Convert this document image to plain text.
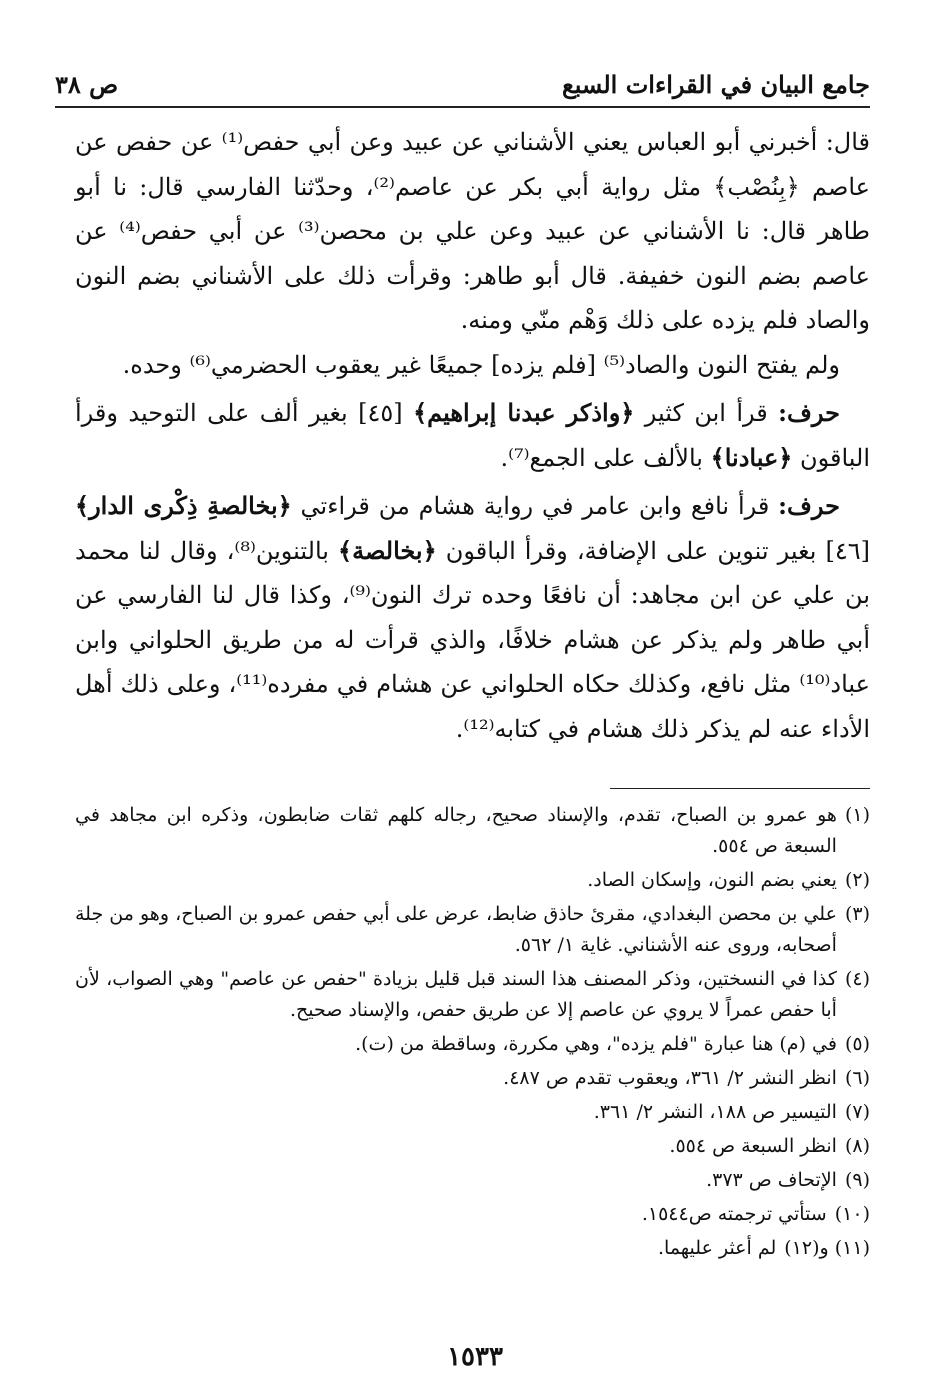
جامع البيان في القراءات السبع
ص ٣٨

قال: أخبرني أبو العباس يعني الأشناني عن عبيد وعن أبي حفص⁽¹⁾ عن حفص عن عاصم ﴿بِنُصْب﴾ مثل رواية أبي بكر عن عاصم⁽²⁾، وحدّثنا الفارسي قال: نا أبو طاهر قال: نا الأشناني عن عبيد وعن علي بن محصن⁽³⁾ عن أبي حفص⁽⁴⁾ عن عاصم بضم النون خفيفة. قال أبو طاهر: وقرأت ذلك على الأشناني بضم النون والصاد فلم يزده على ذلك وَهْم منّي ومنه.

ولم يفتح النون والصاد⁽⁵⁾ [فلم يزده] جميعًا غير يعقوب الحضرمي⁽⁶⁾ وحده.

حرف: قرأ ابن كثير ﴿واذكر عبدنا إبراهيم﴾ [٤٥] بغير ألف على التوحيد وقرأ الباقون ﴿عبادنا﴾ بالألف على الجمع⁽⁷⁾.

حرف: قرأ نافع وابن عامر في رواية هشام من قراءتي ﴿بخالصةِ ذِكْرى الدار﴾ [٤٦] بغير تنوين على الإضافة، وقرأ الباقون ﴿بخالصة﴾ بالتنوين⁽⁸⁾، وقال لنا محمد بن علي عن ابن مجاهد: أن نافعًا وحده ترك النون⁽⁹⁾، وكذا قال لنا الفارسي عن أبي طاهر ولم يذكر عن هشام خلافًا، والذي قرأت له من طريق الحلواني وابن عباد⁽¹⁰⁾ مثل نافع، وكذلك حكاه الحلواني عن هشام في مفرده⁽¹¹⁾، وعلى ذلك أهل الأداء عنه لم يذكر ذلك هشام في كتابه⁽¹²⁾.

(١)
هو عمرو بن الصباح، تقدم، والإسناد صحيح، رجاله كلهم ثقات ضابطون، وذكره ابن مجاهد في السبعة ص ٥٥٤.
(٢)
يعني بضم النون، وإسكان الصاد.
(٣)
علي بن محصن البغدادي، مقرئ حاذق ضابط، عرض على أبي حفص عمرو بن الصباح، وهو من جلة أصحابه، وروى عنه الأشناني. غاية ١/ ٥٦٢.
(٤)
كذا في النسختين، وذكر المصنف هذا السند قبل قليل بزيادة "حفص عن عاصم" وهي الصواب، لأن أبا حفص عمراً لا يروي عن عاصم إلا عن طريق حفص، والإسناد صحيح.
(٥)
في (م) هنا عبارة "فلم يزده"، وهي مكررة، وساقطة من (ت).
(٦)
انظر النشر ٢/ ٣٦١، ويعقوب تقدم ص ٤٨٧.
(٧)
التيسير ص ١٨٨، النشر ٢/ ٣٦١.
(٨)
انظر السبعة ص ٥٥٤.
(٩)
الإتحاف ص ٣٧٣.
(١٠)
ستأتي ترجمته ص١٥٤٤.
(١١) و(١٢)
لم أعثر عليهما.
١٥٣٣
